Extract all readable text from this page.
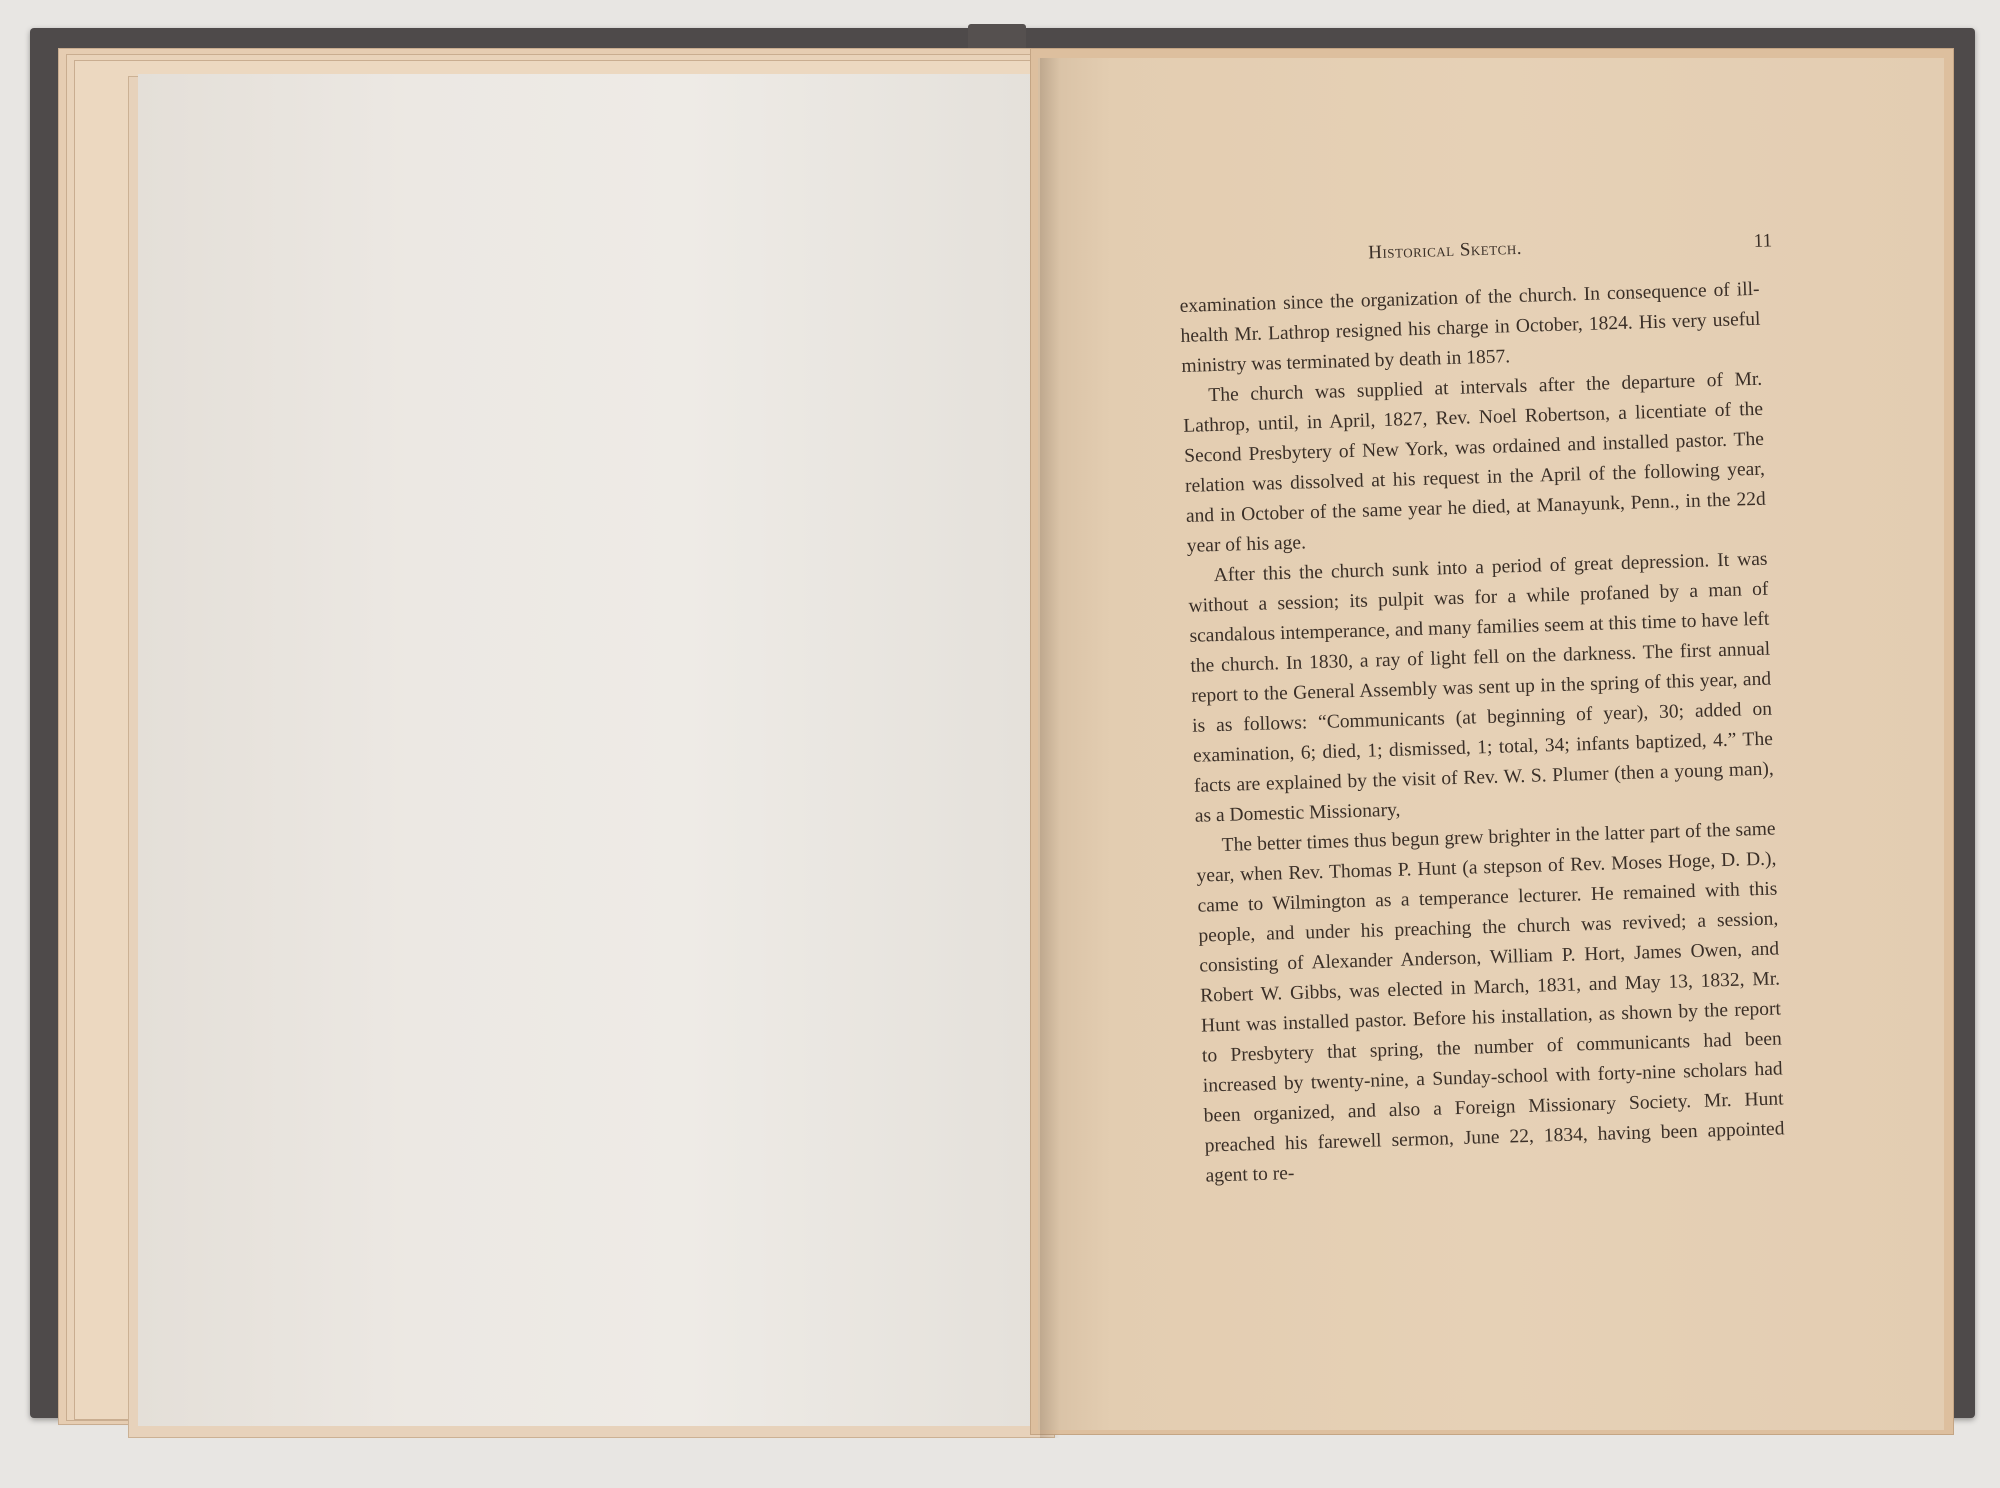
Historical Sketch.	11

examination since the organization of the church. In consequence of ill-health Mr. Lathrop resigned his charge in October, 1824. His very useful ministry was terminated by death in 1857.

The church was supplied at intervals after the departure of Mr. Lathrop, until, in April, 1827, Rev. Noel Robertson, a licentiate of the Second Presbytery of New York, was ordained and installed pastor. The relation was dissolved at his request in the April of the following year, and in October of the same year he died, at Manayunk, Penn., in the 22d year of his age.

After this the church sunk into a period of great depression. It was without a session; its pulpit was for a while profaned by a man of scandalous intemperance, and many families seem at this time to have left the church. In 1830, a ray of light fell on the darkness. The first annual report to the General Assembly was sent up in the spring of this year, and is as follows: “Communicants (at beginning of year), 30; added on examination, 6; died, 1; dismissed, 1; total, 34; infants baptized, 4.” The facts are explained by the visit of Rev. W. S. Plumer (then a young man), as a Domestic Missionary,

The better times thus begun grew brighter in the latter part of the same year, when Rev. Thomas P. Hunt (a stepson of Rev. Moses Hoge, D. D.), came to Wilmington as a temperance lecturer. He remained with this people, and under his preaching the church was revived; a session, consisting of Alexander Anderson, William P. Hort, James Owen, and Robert W. Gibbs, was elected in March, 1831, and May 13, 1832, Mr. Hunt was installed pastor. Before his installation, as shown by the report to Presbytery that spring, the number of communicants had been increased by twenty-nine, a Sunday-school with forty-nine scholars had been organized, and also a Foreign Missionary Society. Mr. Hunt preached his farewell sermon, June 22, 1834, having been appointed agent to re-
